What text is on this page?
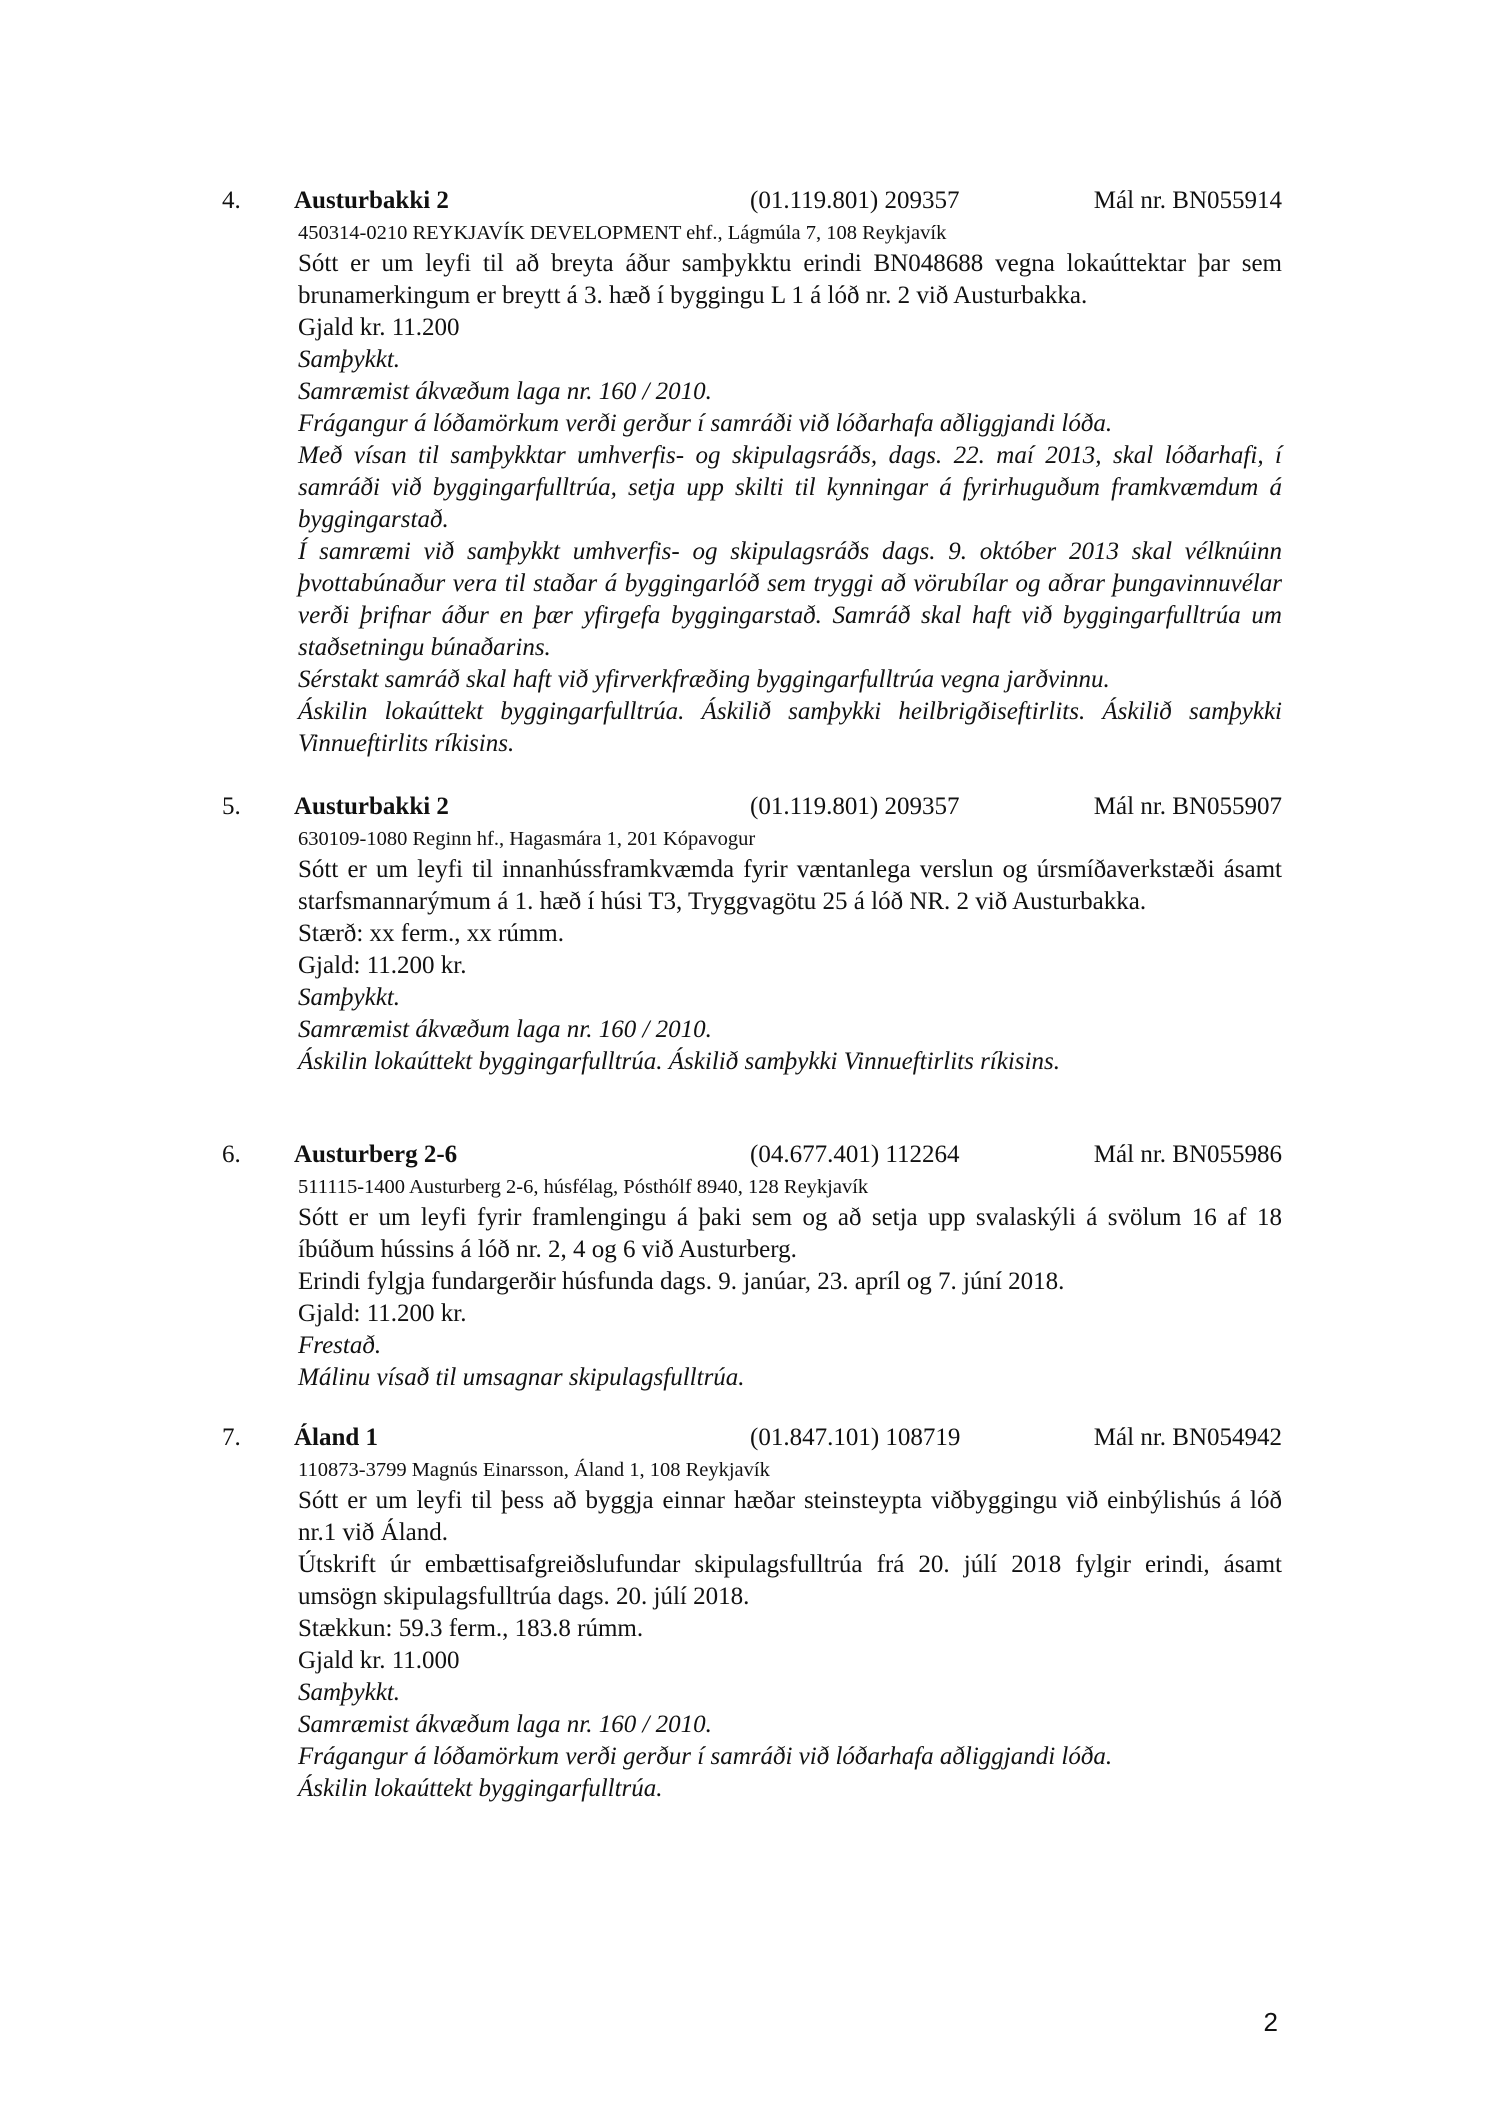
4. Austurbakki 2	(01.119.801) 209357	Mál nr. BN055914
450314-0210 REYKJAVÍK DEVELOPMENT ehf., Lágmúla 7, 108 Reykjavík

Sótt er um leyfi til að breyta áður samþykktu erindi BN048688 vegna lokaúttektar þar sem brunamerkingum er breytt á 3. hæð í byggingu L 1 á lóð nr. 2 við Austurbakka.

Gjald kr. 11.200

Samþykkt.

Samræmist ákvæðum laga nr. 160 / 2010.

Frágangur á lóðamörkum verði gerður í samráði við lóðarhafa aðliggjandi lóða.

Með vísan til samþykktar umhverfis- og skipulagsráðs, dags. 22. maí 2013, skal lóðarhafi, í samráði við byggingarfulltrúa, setja upp skilti til kynningar á fyrirhuguðum framkvæmdum á byggingarstað.

Í samræmi við samþykkt umhverfis- og skipulagsráðs dags. 9. október 2013 skal vélknúinn þvottabúnaður vera til staðar á byggingarlóð sem tryggi að vörubílar og aðrar þungavinnuvélar verði þrifnar áður en þær yfirgefa byggingarstað. Samráð skal haft við byggingarfulltrúa um staðsetningu búnaðarins.

Sérstakt samráð skal haft við yfirverkfræðing byggingarfulltrúa vegna jarðvinnu.

Áskilin lokaúttekt byggingarfulltrúa. Áskilið samþykki heilbrigðiseftirlits. Áskilið samþykki Vinnueftirlits ríkisins.

5. Austurbakki 2	(01.119.801) 209357	Mál nr. BN055907
630109-1080 Reginn hf., Hagasmára 1, 201 Kópavogur

Sótt er um leyfi til innanhússframkvæmda fyrir væntanlega verslun og úrsmíðaverkstæði ásamt starfsmannarýmum á 1. hæð í húsi T3, Tryggvagötu 25 á lóð NR. 2 við Austurbakka.

Stærð: xx ferm., xx rúmm.

Gjald: 11.200 kr.

Samþykkt.

Samræmist ákvæðum laga nr. 160 / 2010.

Áskilin lokaúttekt byggingarfulltrúa. Áskilið samþykki Vinnueftirlits ríkisins.

6. Austurberg 2-6	(04.677.401) 112264	Mál nr. BN055986
511115-1400 Austurberg 2-6, húsfélag, Pósthólf 8940, 128 Reykjavík

Sótt er um leyfi fyrir framlengingu á þaki sem og að setja upp svalaskýli á svölum 16 af 18 íbúðum hússins á lóð nr. 2, 4 og 6 við Austurberg.

Erindi fylgja fundargerðir húsfunda dags. 9. janúar, 23. apríl og 7. júní 2018.

Gjald: 11.200 kr.

Frestað.

Málinu vísað til umsagnar skipulagsfulltrúa.

7. Áland 1	(01.847.101) 108719	Mál nr. BN054942
110873-3799 Magnús Einarsson, Áland 1, 108 Reykjavík

Sótt er um leyfi til þess að byggja einnar hæðar steinsteypta viðbyggingu við einbýlishús á lóð nr.1 við Áland.

Útskrift úr embættisafgreiðslufundar skipulagsfulltrúa frá 20. júlí 2018 fylgir erindi, ásamt umsögn skipulagsfulltrúa dags. 20. júlí 2018.

Stækkun: 59.3 ferm., 183.8 rúmm.

Gjald kr. 11.000

Samþykkt.

Samræmist ákvæðum laga nr. 160 / 2010.

Frágangur á lóðamörkum verði gerður í samráði við lóðarhafa aðliggjandi lóða.

Áskilin lokaúttekt byggingarfulltrúa.

2
